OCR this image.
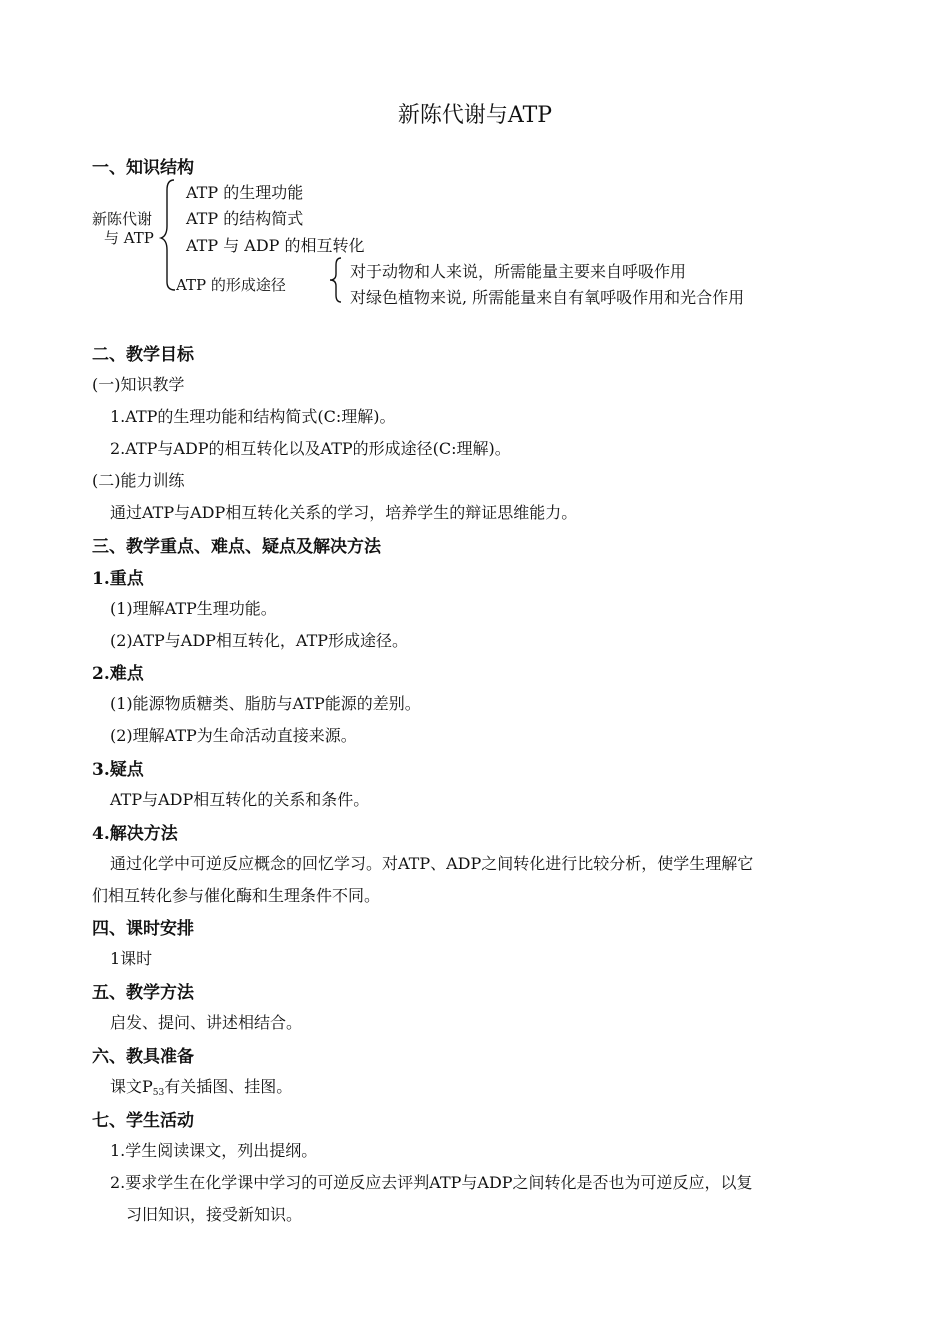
新陈代谢与ATP
一、知识结构
新陈代谢
与 ATP
ATP 的生理功能
ATP 的结构简式
ATP 与 ADP 的相互转化
ATP 的形成途径
对于动物和人来说，所需能量主要来自呼吸作用
对绿色植物来说, 所需能量来自有氧呼吸作用和光合作用
二、教学目标
(一)知识教学
1.ATP的生理功能和结构简式(C:理解)。
2.ATP与ADP的相互转化以及ATP的形成途径(C:理解)。
(二)能力训练
通过ATP与ADP相互转化关系的学习，培养学生的辩证思维能力。
三、教学重点、难点、疑点及解决方法
1.重点
(1)理解ATP生理功能。
(2)ATP与ADP相互转化，ATP形成途径。
2.难点
(1)能源物质糖类、脂肪与ATP能源的差别。
(2)理解ATP为生命活动直接来源。
3.疑点
ATP与ADP相互转化的关系和条件。
4.解决方法
通过化学中可逆反应概念的回忆学习。对ATP、ADP之间转化进行比较分析，使学生理解它
们相互转化参与催化酶和生理条件不同。
四、课时安排
1课时
五、教学方法
启发、提问、讲述相结合。
六、教具准备
课文$P_{53}$有关插图、挂图。
七、学生活动
1.学生阅读课文，列出提纲。
2.要求学生在化学课中学习的可逆反应去评判ATP与ADP之间转化是否也为可逆反应，以复
习旧知识，接受新知识。
